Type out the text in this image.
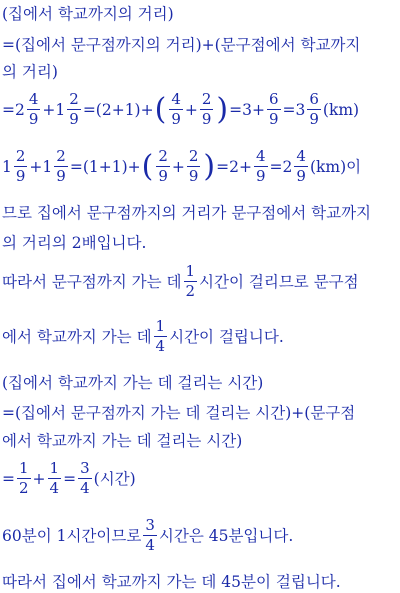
(집에서 학교까지의 거리)
=(집에서 문구점까지의 거리)+(문구점에서 학교까지
의 거리)
=2
4
9
$+1 \frac{2}{9} =(2+1)+$ ( 4
9
+ $\frac{2}{9}$ ) $=3+ \frac{6}{9} =3$
6
9
(km)
1
2
9
$+1 \frac{2}{9} =(1+1)+$ ( 2
9
+ $\frac{2}{9}$ ) $=2+ \frac{4}{9} =2$
4
9
(km)이
므로 집에서 문구점까지의 거리가 문구점에서 학교까지
의 거리의 2배입니다.
따라서 문구점까지 가는 데
1
2
시간이 걸리므로 문구점
에서 학교까지 가는 데
1
4
시간이 걸립니다.
(집에서 학교까지 가는 데 걸리는 시간)
=(집에서 문구점까지 가는 데 걸리는 시간)+(문구점
에서 학교까지 가는 데 걸리는 시간)
= $\frac{1}{2} + \frac{1}{4} = \frac{3}{4}$ (시간)
60분이 1시간이므로
3
4
시간은 45분입니다.
따라서 집에서 학교까지 가는 데 45분이 걸립니다.
